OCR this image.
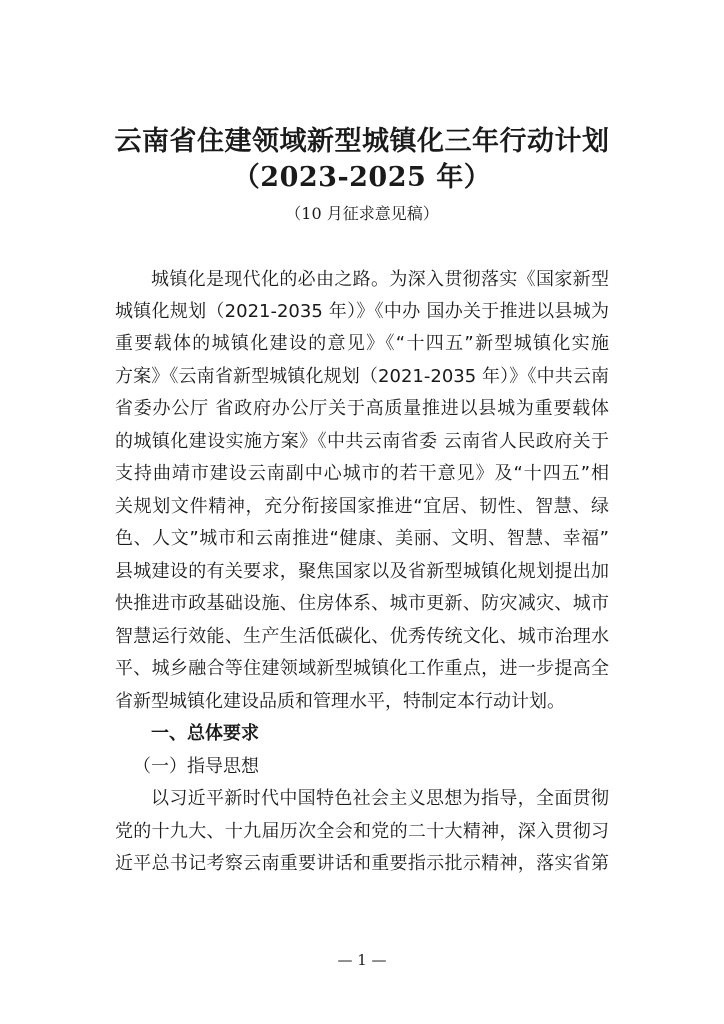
云南省住建领域新型城镇化三年行动计划
（2023-2025 年）
（10 月征求意见稿）
城镇化是现代化的必由之路。为深入贯彻落实《国家新型
城镇化规划（2021-2035 年）》《中办 国办关于推进以县城为
重要载体的城镇化建设的意见》《“十四五”新型城镇化实施
方案》《云南省新型城镇化规划（2021-2035 年）》《中共云南
省委办公厅 省政府办公厅关于高质量推进以县城为重要载体
的城镇化建设实施方案》《中共云南省委 云南省人民政府关于
支持曲靖市建设云南副中心城市的若干意见》及“十四五”相
关规划文件精神，充分衔接国家推进“宜居、韧性、智慧、绿
色、人文”城市和云南推进“健康、美丽、文明、智慧、幸福”
县城建设的有关要求，聚焦国家以及省新型城镇化规划提出加
快推进市政基础设施、住房体系、城市更新、防灾减灾、城市
智慧运行效能、生产生活低碳化、优秀传统文化、城市治理水
平、城乡融合等住建领域新型城镇化工作重点，进一步提高全
省新型城镇化建设品质和管理水平，特制定本行动计划。
一、总体要求
（一）指导思想
以习近平新时代中国特色社会主义思想为指导，全面贯彻
党的十九大、十九届历次全会和党的二十大精神，深入贯彻习
近平总书记考察云南重要讲话和重要指示批示精神，落实省第
— 1 —
